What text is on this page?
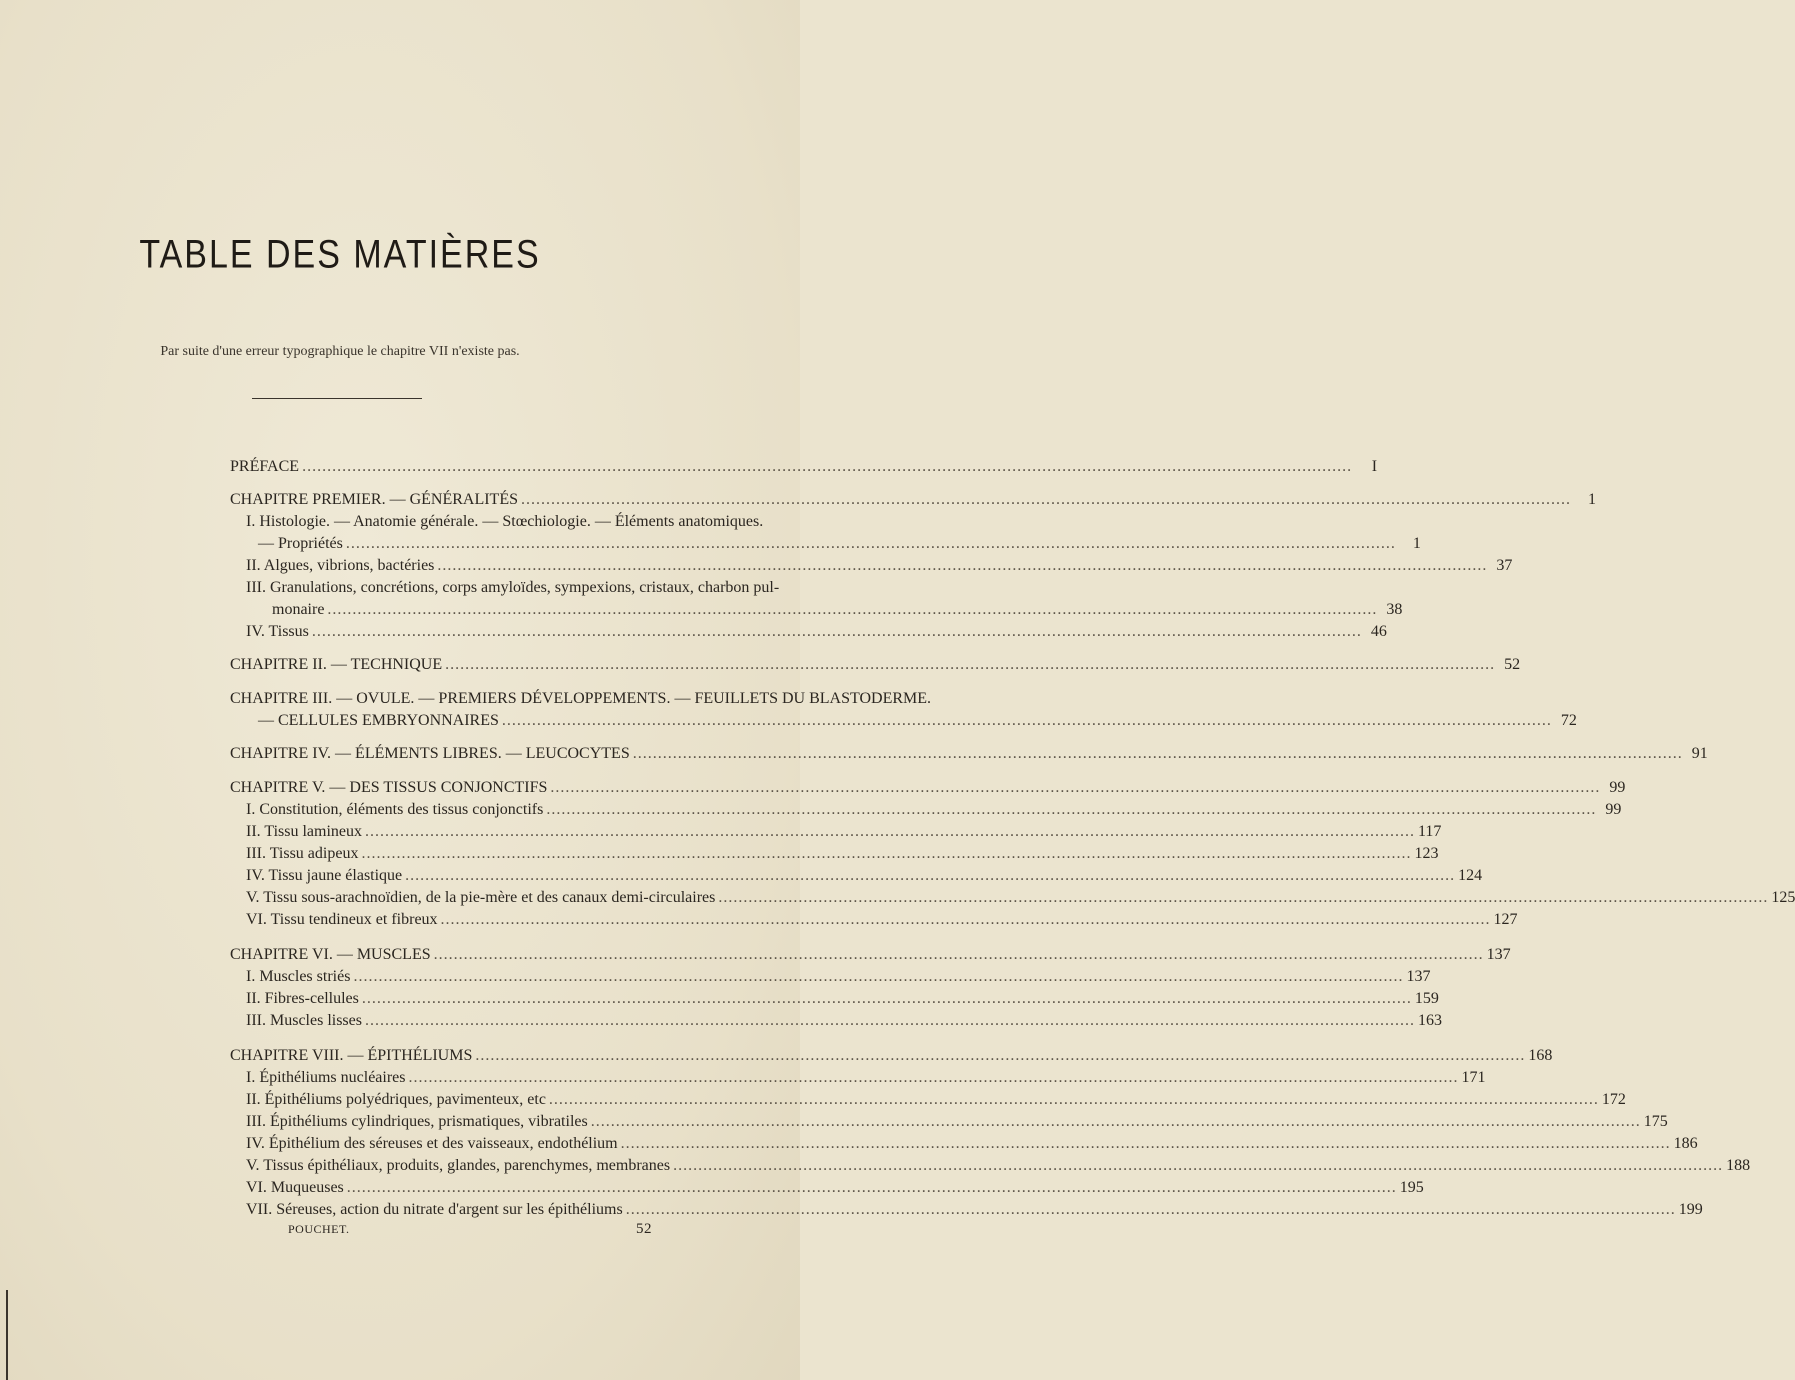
TABLE DES MATIÈRES
Par suite d'une erreur typographique le chapitre VII n'existe pas.
PRÉFACE .....	I
CHAPITRE PREMIER. — GÉNÉRALITÉS .....	1
I. Histologie. — Anatomie générale. — Stœchiologie. — Éléments anatomiques.
— Propriétés .....	1
II. Algues, vibrions, bactéries .....	37
III. Granulations, concrétions, corps amyloïdes, sympexions, cristaux, charbon pul-
monaire .....	38
IV. Tissus .....	46
CHAPITRE II. — TECHNIQUE .....	52
CHAPITRE III. — OVULE. — PREMIERS DÉVELOPPEMENTS. — FEUILLETS DU BLASTODERME.
— CELLULES EMBRYONNAIRES .....	72
CHAPITRE IV. — ÉLÉMENTS LIBRES. — LEUCOCYTES .....	91
CHAPITRE V. — DES TISSUS CONJONCTIFS .....	99
I. Constitution, éléments des tissus conjonctifs .....	99
II. Tissu lamineux .....	117
III. Tissu adipeux .....	123
IV. Tissu jaune élastique .....	124
V. Tissu sous-arachnoïdien, de la pie-mère et des canaux demi-circulaires .....	125
VI. Tissu tendineux et fibreux .....	127
CHAPITRE VI. — MUSCLES .....	137
I. Muscles striés .....	137
II. Fibres-cellules .....	159
III. Muscles lisses .....	163
CHAPITRE VIII. — ÉPITHÉLIUMS .....	168
I. Épithéliums nucléaires .....	171
II. Épithéliums polyédriques, pavimenteux, etc .....	172
III. Épithéliums cylindriques, prismatiques, vibratiles .....	175
IV. Épithélium des séreuses et des vaisseaux, endothélium .....	186
V. Tissus épithéliaux, produits, glandes, parenchymes, membranes .....	188
VI. Muqueuses .....	195
VII. Séreuses, action du nitrate d'argent sur les épithéliums .....	199
POUCHET.	52
